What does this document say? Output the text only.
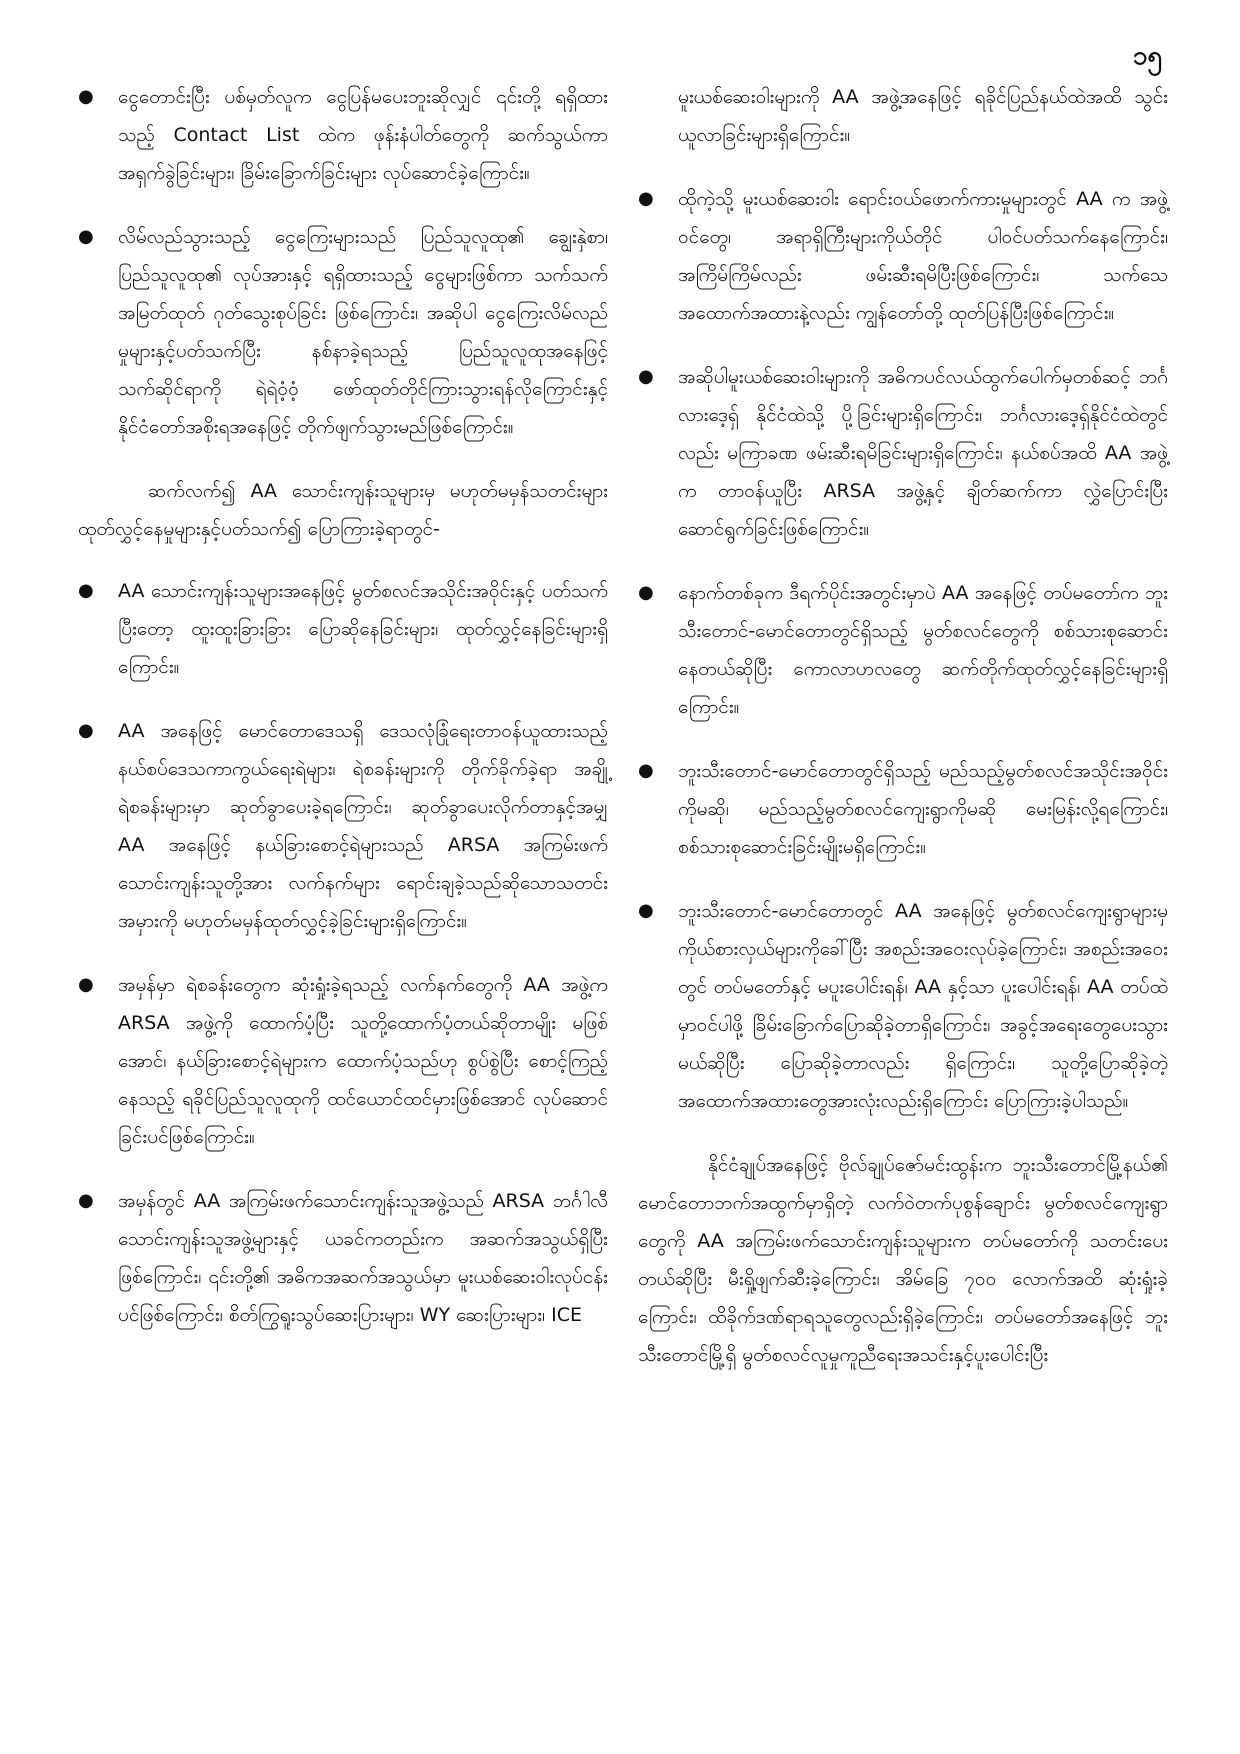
၁၅
● ငွေတောင်းပြီး ပစ်မှတ်လူက ငွေပြန်မပေးဘူးဆိုလျှင် ၎င်းတို့ ရရှိထားသည့် Contact List ထဲက ဖုန်းနံပါတ်တွေကို ဆက်သွယ်ကာ အရှက်ခွဲခြင်းများ၊ ခြိမ်းခြောက်ခြင်းများ လုပ်ဆောင်ခဲ့ကြောင်း။
● လိမ်လည်သွားသည့် ငွေကြေးများသည် ပြည်သူလူထု၏ ချွေးနှဲစာ၊ ပြည်သူလူထု၏ လုပ်အားနှင့် ရရှိထားသည့် ငွေများဖြစ်ကာ သက်သက်အမြတ်ထုတ် ဂုတ်သွေးစုပ်ခြင်း ဖြစ်ကြောင်း၊ အဆိုပါ ငွေကြေးလိမ်လည်မှုများနှင့်ပတ်သက်ပြီး နစ်နာခဲ့ရသည့် ပြည်သူလူထုအနေဖြင့် သက်ဆိုင်ရာကို ရဲရဲဝံ့ဝံ့ ဖော်ထုတ်တိုင်ကြားသွားရန်လိုကြောင်းနှင့် နိုင်ငံတော်အစိုးရအနေဖြင့် တိုက်ဖျက်သွားမည်ဖြစ်ကြောင်း။

ဆက်လက်၍ AA သောင်းကျန်းသူများမှ မဟုတ်မမှန်သတင်းများ ထုတ်လွှင့်နေမှုများနှင့်ပတ်သက်၍ ပြောကြားခဲ့ရာတွင်-

● AA သောင်းကျန်းသူများအနေဖြင့် မွတ်စလင်အသိုင်းအဝိုင်းနှင့် ပတ်သက်ပြီးတော့ ထူးထူးခြားခြား ပြောဆိုနေခြင်းများ၊ ထုတ်လွှင့်နေခြင်းများရှိကြောင်း။
● AA အနေဖြင့် မောင်တောဒေသရှိ ဒေသလုံခြုံရေးတာဝန်ယူထားသည့် နယ်စပ်ဒေသကာကွယ်ရေးရဲများ၊ ရဲစခန်းများကို တိုက်ခိုက်ခဲ့ရာ အချို့ရဲစခန်းများမှာ ဆုတ်ခွာပေးခဲ့ရကြောင်း၊ ဆုတ်ခွာပေးလိုက်တာနှင့်အမျှ AA အနေဖြင့် နယ်ခြားစောင့်ရဲများသည် ARSA အကြမ်းဖက်သောင်းကျန်းသူတို့အား လက်နက်များ ရောင်းချခဲ့သည်ဆိုသောသတင်းအမှားကို မဟုတ်မမှန်ထုတ်လွှင့်ခဲ့ခြင်းများရှိကြောင်း။
● အမှန်မှာ ရဲစခန်းတွေက ဆုံးရှုံးခဲ့ရသည့် လက်နက်တွေကို AA အဖွဲ့က ARSA အဖွဲ့ကို ထောက်ပံ့ပြီး သူတို့ထောက်ပံ့တယ်ဆိုတာမျိုး မဖြစ်အောင်၊ နယ်ခြားစောင့်ရဲများက ထောက်ပံ့သည်ဟု စွပ်စွဲပြီး စောင့်ကြည့်နေသည့် ရခိုင်ပြည်သူလူထုကို ထင်ယောင်ထင်မှားဖြစ်အောင် လုပ်ဆောင်ခြင်းပင်ဖြစ်ကြောင်း။
● အမှန်တွင် AA အကြမ်းဖက်သောင်းကျန်းသူအဖွဲ့သည် ARSA ဘင်္ဂါလီသောင်းကျန်းသူအဖွဲ့များနှင့် ယခင်ကတည်းက အဆက်အသွယ်ရှိပြီးဖြစ်ကြောင်း၊ ၎င်းတို့၏ အဓိကအဆက်အသွယ်မှာ မူးယစ်ဆေးဝါးလုပ်ငန်းပင်ဖြစ်ကြောင်း၊ စိတ်ကြွရူးသွပ်ဆေးပြားများ၊ WY ဆေးပြားများ၊ ICE

မူးယစ်ဆေးဝါးများကို AA အဖွဲ့အနေဖြင့် ရခိုင်ပြည်နယ်ထဲအထိ သွင်းယူလာခြင်းများရှိကြောင်း။

● ထိုကဲ့သို့ မူးယစ်ဆေးဝါး ရောင်းဝယ်ဖောက်ကားမှုများတွင် AA က အဖွဲ့ဝင်တွေ၊ အရာရှိကြီးများကိုယ်တိုင် ပါဝင်ပတ်သက်နေကြောင်း၊ အကြိမ်ကြိမ်လည်း ဖမ်းဆီးရမိပြီးဖြစ်ကြောင်း၊ သက်သေအထောက်အထားနဲ့လည်း ကျွန်တော်တို့ ထုတ်ပြန်ပြီးဖြစ်ကြောင်း။
● အဆိုပါမူးယစ်ဆေးဝါးများကို အဓိကပင်လယ်ထွက်ပေါက်မှတစ်ဆင့် ဘင်္ဂလားဒေ့ရှ် နိုင်ငံထဲသို့ ပို့ခြင်းများရှိကြောင်း၊ ဘင်္ဂလားဒေ့ရှ်နိုင်ငံထဲတွင်လည်း မကြာခဏ ဖမ်းဆီးရမိခြင်းများရှိကြောင်း၊ နယ်စပ်အထိ AA အဖွဲ့က တာဝန်ယူပြီး ARSA အဖွဲ့နှင့် ချိတ်ဆက်ကာ လွှဲပြောင်းပြီး ဆောင်ရွက်ခြင်းဖြစ်ကြောင်း။
● နောက်တစ်ခုက ဒီရက်ပိုင်းအတွင်းမှာပဲ AA အနေဖြင့် တပ်မတော်က ဘူးသီးတောင်-မောင်တောတွင်ရှိသည့် မွတ်စလင်တွေကို စစ်သားစုဆောင်းနေတယ်ဆိုပြီး ကောလာဟလတွေ ဆက်တိုက်ထုတ်လွှင့်နေခြင်းများရှိကြောင်း။
● ဘူးသီးတောင်-မောင်တောတွင်ရှိသည့် မည်သည့်မွတ်စလင်အသိုင်းအဝိုင်းကိုမဆို၊ မည်သည့်မွတ်စလင်ကျေးရွာကိုမဆို မေးမြန်းလို့ရကြောင်း၊ စစ်သားစုဆောင်းခြင်းမျိုးမရှိကြောင်း။
● ဘူးသီးတောင်-မောင်တောတွင် AA အနေဖြင့် မွတ်စလင်ကျေးရွာများမှ ကိုယ်စားလှယ်များကိုခေါ်ပြီး အစည်းအဝေးလုပ်ခဲ့ကြောင်း၊ အစည်းအဝေးတွင် တပ်မတော်နှင့် မပူးပေါင်းရန်၊ AA နှင့်သာ ပူးပေါင်းရန်၊ AA တပ်ထဲမှာဝင်ပါဖို့ ခြိမ်းခြောက်ပြောဆိုခဲ့တာရှိကြောင်း၊ အခွင့်အရေးတွေပေးသွားမယ်ဆိုပြီး ပြောဆိုခဲ့တာလည်း ရှိကြောင်း၊ သူတို့ပြောဆိုခဲ့တဲ့ အထောက်အထားတွေအားလုံးလည်းရှိကြောင်း ပြောကြားခဲ့ပါသည်။

နိုင်ငံချုပ်အနေဖြင့် ဗိုလ်ချုပ်ဇော်မင်းထွန်းက ဘူးသီးတောင်မြို့နယ်၏ မောင်တောဘက်အထွက်မှာရှိတဲ့ လက်ဝဲတက်ပုစွန်ချောင်း မွတ်စလင်ကျေးရွာတွေကို AA အကြမ်းဖက်သောင်းကျန်းသူများက တပ်မတော်ကို သတင်းပေးတယ်ဆိုပြီး မီးရှို့ဖျက်ဆီးခဲ့ကြောင်း၊ အိမ်ခြေ ၇၀၀ လောက်အထိ ဆုံးရှုံးခဲ့ကြောင်း၊ ထိခိုက်ဒဏ်ရာရသူတွေလည်းရှိခဲ့ကြောင်း၊ တပ်မတော်အနေဖြင့် ဘူးသီးတောင်မြို့ရှိ မွတ်စလင်လူမှုကူညီရေးအသင်းနှင့်ပူးပေါင်းပြီး
